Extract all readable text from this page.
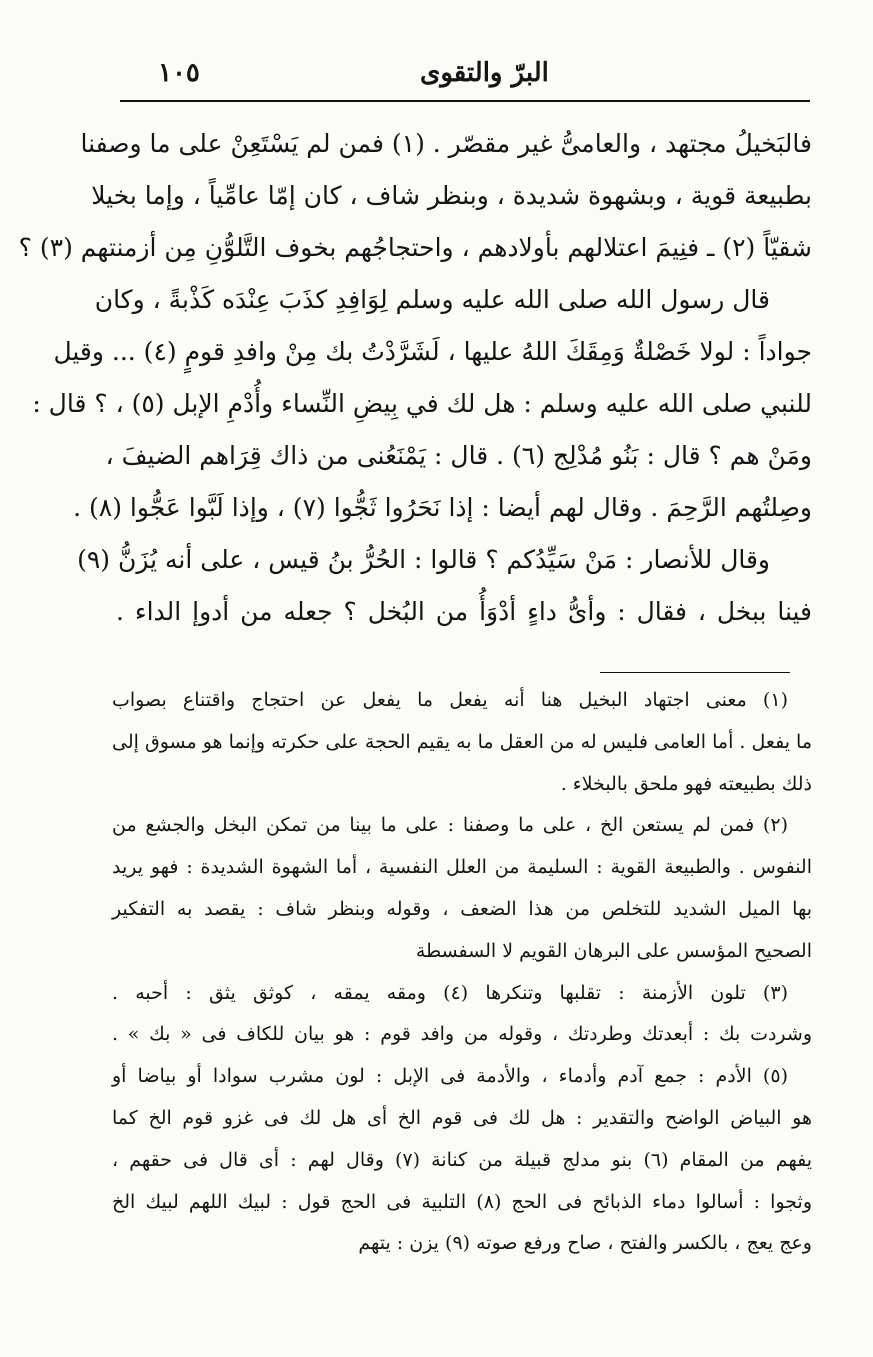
١٠٥	البرّ والتقوى
فالبَخيلُ مجتهد ، والعامىُّ غير مقصّر . (١) فمن لم يَسْتَعِنْ على ما وصفنا
بطبيعة قوية ، وبشهوة شديدة ، وبنظر شاف ، كان إمّا عامِّياً ، وإما بخيلا
شقيّاً (٢) ـ فنِيمَ اعتلالهم بأولادهم ، واحتجاجُهم بخوف التَّلوُّنِ مِن أزمنتهم (٣) ؟
قال رسول الله صلى الله عليه وسلم لِوَافِدِ كذَبَ عِنْدَه كَذْبةً ، وكان
جواداً : لولا خَصْلةٌ وَمِقَكَ اللهُ عليها ، لَشَرَّدْتُ بك مِنْ وافدِ قومٍ (٤) ... وقيل
للنبي صلى الله عليه وسلم : هل لك في بِيضِ النِّساء وأُدْمِ الإبل (٥) ، ؟ قال :
ومَنْ هم ؟ قال : بَنُو مُدْلِج (٦) . قال : يَمْنَعُنى من ذاك قِرَاهم الضيفَ ،
وصِلتُهم الرَّحِمَ . وقال لهم أيضا : إذا نَحَرُوا ثَجُّوا (٧) ، وإذا لَبَّوا عَجُّوا (٨) .
وقال للأنصار : مَنْ سَيِّدُكم ؟ قالوا : الحُرُّ بنُ قيس ، على أنه يُزَنُّ (٩)
فينا ببخل ، فقال : وأىُّ داءٍ أدْوَأُ من البُخل ؟ جعله من أدوإ الداء .
(١) معنى اجتهاد البخيل هنا أنه يفعل ما يفعل عن احتجاج واقتناع بصواب
ما يفعل . أما العامى فليس له من العقل ما به يقيم الحجة على حكرته وإنما هو مسوق إلى
ذلك بطبيعته فهو ملحق بالبخلاء .
(٢) فمن لم يستعن الخ ، على ما وصفنا : على ما بينا من تمكن البخل والجشع من
النفوس . والطبيعة القوية : السليمة من العلل النفسية ، أما الشهوة الشديدة : فهو يريد
بها الميل الشديد للتخلص من هذا الضعف ، وقوله وبنظر شاف : يقصد به التفكير
الصحيح المؤسس على البرهان القويم لا السفسطة
(٣) تلون الأزمنة : تقلبها وتنكرها (٤) ومقه يمقه ، كوثق يثق : أحبه .
وشردت بك : أبعدتك وطردتك ، وقوله من وافد قوم : هو بيان للكاف فى « بك » .
(٥) الأدم : جمع آدم وأدماء ، والأدمة فى الإبل : لون مشرب سوادا أو بياضا أو
هو البياض الواضح والتقدير : هل لك فى قوم الخ أى هل لك فى غزو قوم الخ كما
يفهم من المقام (٦) بنو مدلج قبيلة من كنانة (٧) وقال لهم : أى قال فى حقهم ،
وثجوا : أسالوا دماء الذبائح فى الحج (٨) التلبية فى الحج قول : لبيك اللهم لبيك الخ
وعج يعج ، بالكسر والفتح ، صاح ورفع صوته (٩) يزن : يتهم
